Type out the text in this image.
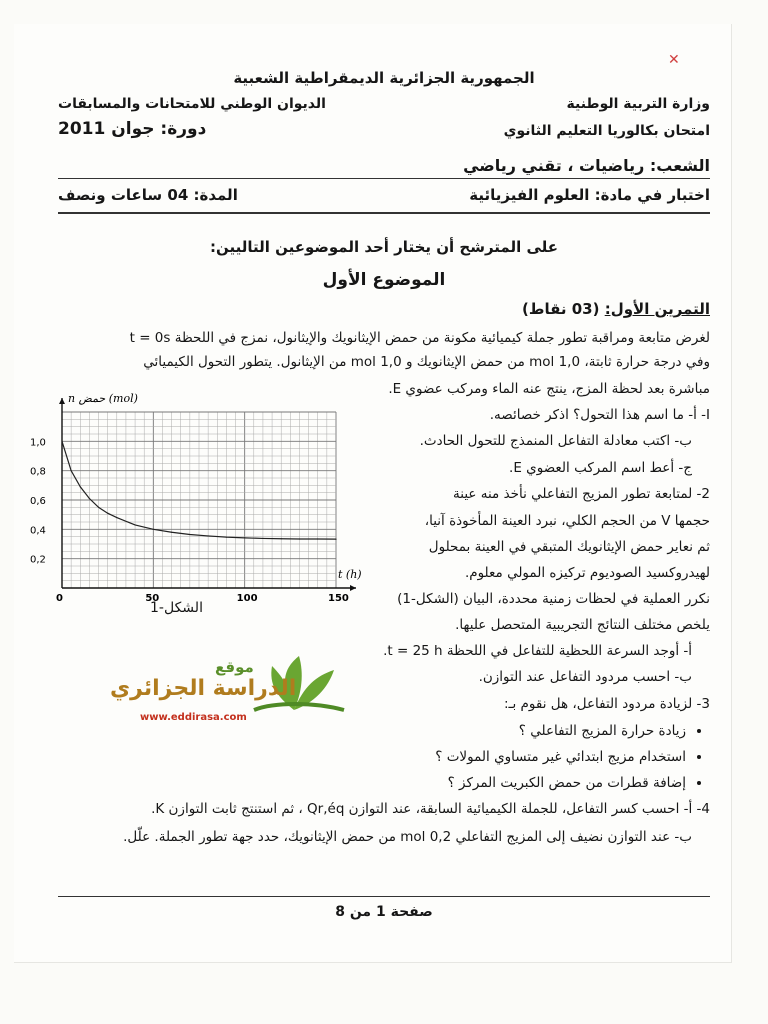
✕
الجمهورية الجزائرية الديمقراطية الشعبية
وزارة التربية الوطنية
الديوان الوطني للامتحانات والمسابقات
امتحان بكالوريا التعليم الثانوي
دورة: جوان 2011
الشعب: رياضيات ، تقني رياضي
اختبار في مادة: العلوم الفيزيائية
المدة: 04 ساعات ونصف
على المترشح أن يختار أحد الموضوعين التاليين:
الموضوع الأول
التمرين الأول: (03 نقاط)
لغرض متابعة ومراقبة تطور جملة كيميائية مكونة من حمض الإيثانويك والإيثانول، نمزج في اللحظة t = 0s
وفي درجة حرارة ثابتة، 1,0 mol من حمض الإيثانويك و 1,0 mol من الإيثانول. يتطور التحول الكيميائي
مباشرة بعد لحظة المزج، ينتج عنه الماء ومركب عضوي E.
I- أ- ما اسم هذا التحول؟ اذكر خصائصه.
ب- اكتب معادلة التفاعل المنمذج للتحول الحادث.
ج- أعط اسم المركب العضوي E.
2- لمتابعة تطور المزيج التفاعلي نأخذ منه عينة
حجمها V من الحجم الكلي، نبرد العينة المأخوذة آنيا،
ثم نعاير حمض الإيثانويك المتبقي في العينة بمحلول
لهيدروكسيد الصوديوم تركيزه المولي معلوم.
نكرر العملية في لحظات زمنية محددة، البيان (الشكل-1)
يلخص مختلف النتائج التجريبية المتحصل عليها.
أ- أوجد السرعة اللحظية للتفاعل في اللحظة t = 25 h.
ب- احسب مردود التفاعل عند التوازن.
3- لزيادة مردود التفاعل، هل نقوم بـ:
• زيادة حرارة المزيج التفاعلي ؟
• استخدام مزيج ابتدائي غير متساوي المولات ؟
• إضافة قطرات من حمض الكبريت المركز ؟
4- أ- احسب كسر التفاعل، للجملة الكيميائية السابقة، عند التوازن Qr,éq ، ثم استنتج ثابت التوازن K.
ب- عند التوازن نضيف إلى المزيج التفاعلي 0,2 mol من حمض الإيثانويك، حدد جهة تطور الجملة. علّل.
0	50	100	150
0,2
0,4
0,6
0,8
1,0
t (h)
n حمض (mol)
الشكل-1
موقع
الدراسة الجزائري
www.eddirasa.com
صفحة 1 من 8
